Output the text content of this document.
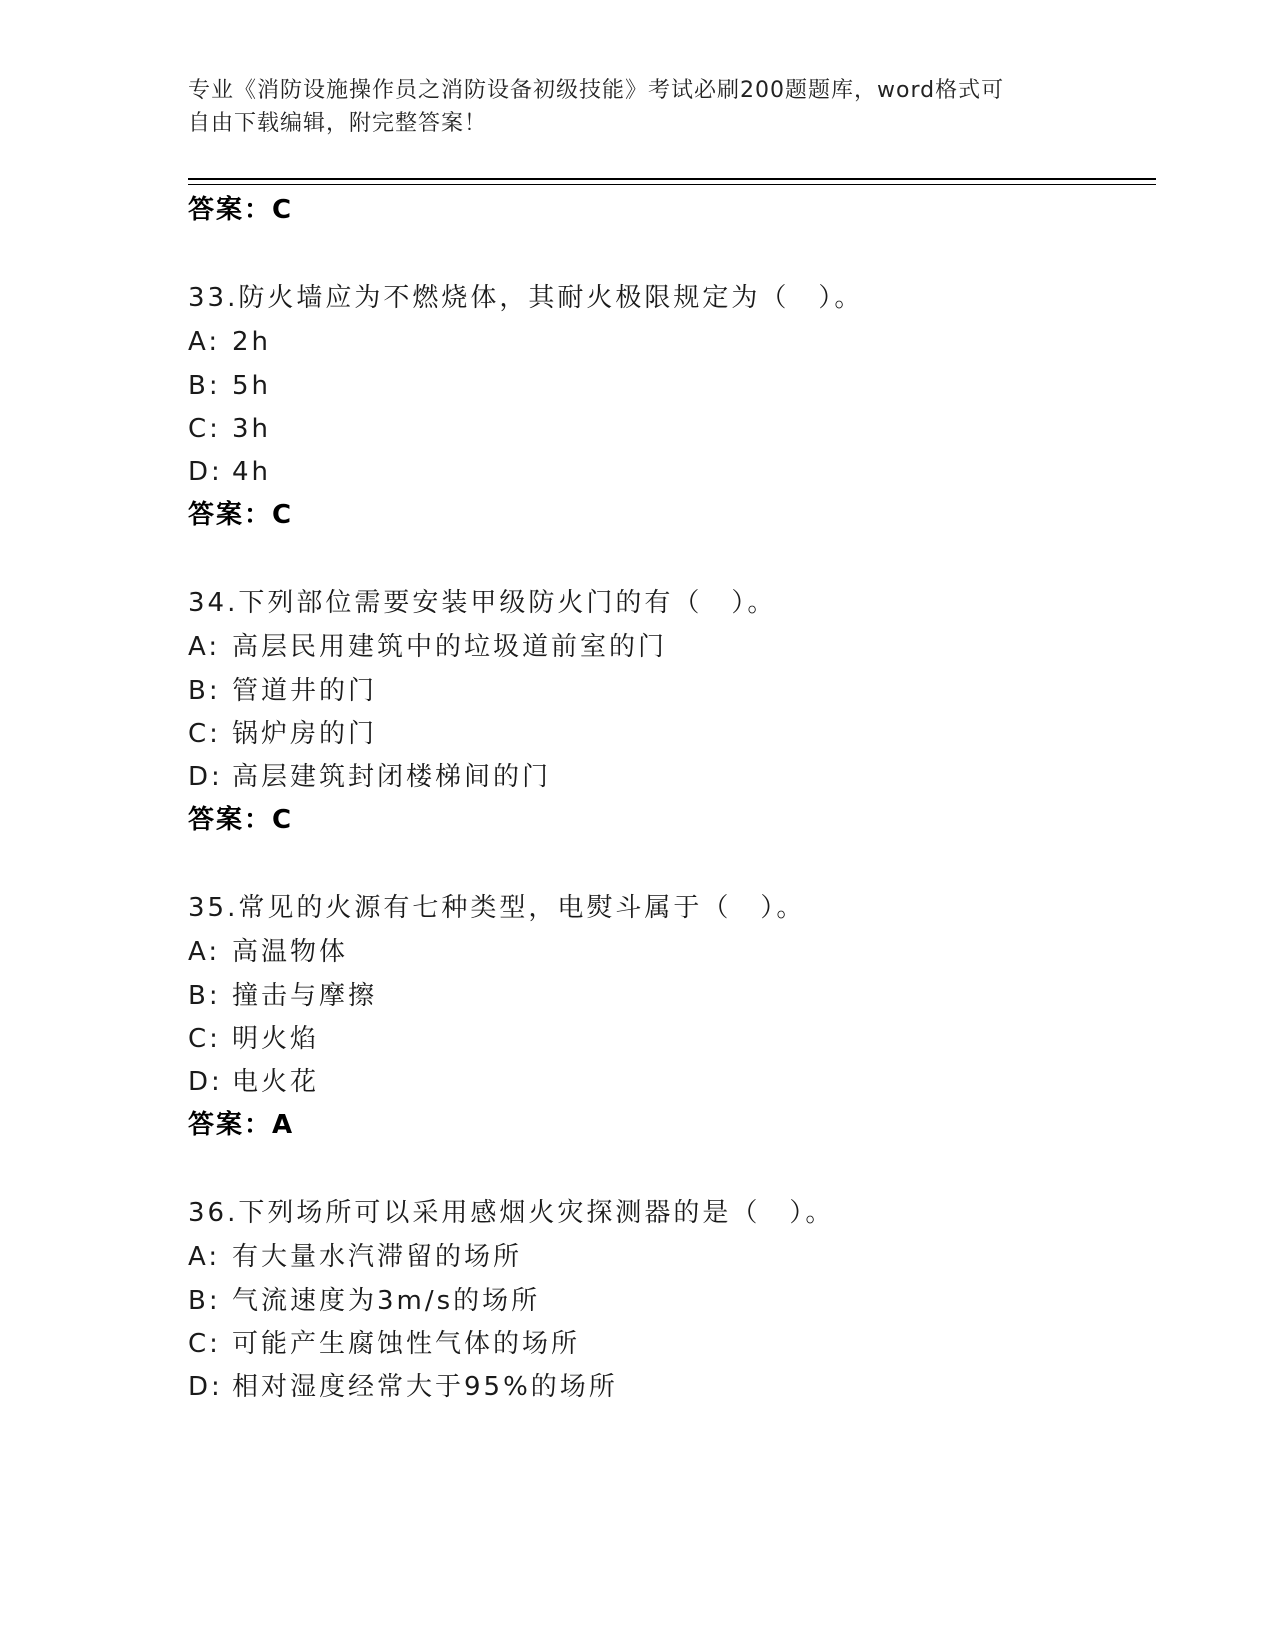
专业《消防设施操作员之消防设备初级技能》考试必刷200题题库，word格式可
自由下载编辑，附完整答案！
答案：C
33.防火墙应为不燃烧体，其耐火极限规定为（　）。
A: 2h
B: 5h
C: 3h
D: 4h
答案：C
34.下列部位需要安装甲级防火门的有（　）。
A: 高层民用建筑中的垃圾道前室的门
B: 管道井的门
C: 锅炉房的门
D: 高层建筑封闭楼梯间的门
答案：C
35.常见的火源有七种类型，电熨斗属于（　）。
A: 高温物体
B: 撞击与摩擦
C: 明火焰
D: 电火花
答案：A
36.下列场所可以采用感烟火灾探测器的是（　）。
A: 有大量水汽滞留的场所
B: 气流速度为3m/s的场所
C: 可能产生腐蚀性气体的场所
D: 相对湿度经常大于95%的场所
